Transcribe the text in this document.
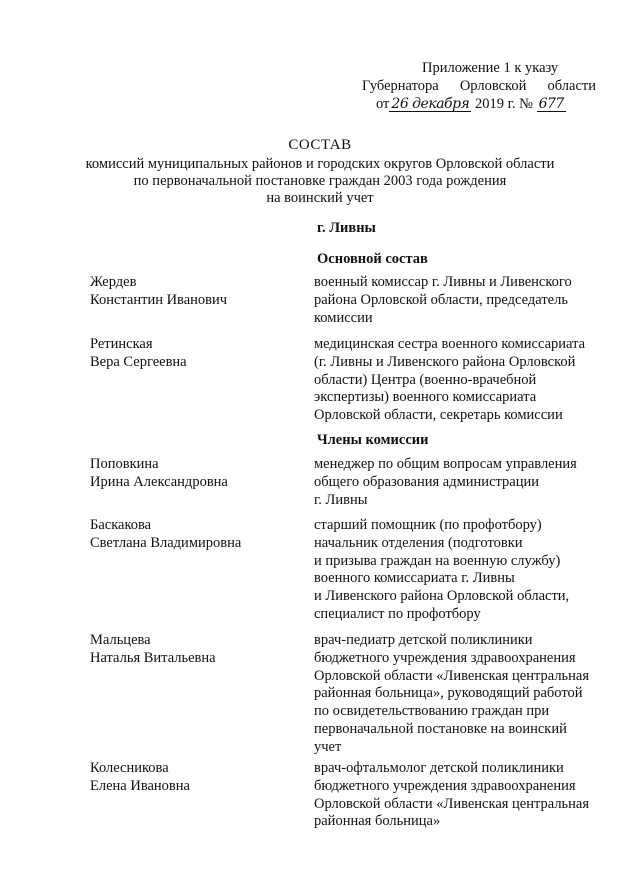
Приложение 1 к указу
Губернатора Орловской области
от 26 декабря 2019 г. № 677
СОСТАВ
комиссий муниципальных районов и городских округов Орловской области
по первоначальной постановке граждан 2003 года рождения
на воинский учет
г. Ливны
Основной состав
Жердев
Константин Иванович
военный комиссар г. Ливны и Ливенского
района Орловской области, председатель
комиссии
Ретинская
Вера Сергеевна
медицинская сестра военного комиссариата
(г. Ливны и Ливенского района Орловской
области) Центра (военно-врачебной
экспертизы) военного комиссариата
Орловской области, секретарь комиссии
Члены комиссии
Поповкина
Ирина Александровна
менеджер по общим вопросам управления
общего образования администрации
г. Ливны
Баскакова
Светлана Владимировна
старший помощник (по профотбору)
начальник отделения (подготовки
и призыва граждан на военную службу)
военного комиссариата г. Ливны
и Ливенского района Орловской области,
специалист по профотбору
Мальцева
Наталья Витальевна
врач-педиатр детской поликлиники
бюджетного учреждения здравоохранения
Орловской области «Ливенская центральная
районная больница», руководящий работой
по освидетельствованию граждан при
первоначальной постановке на воинский
учет
Колесникова
Елена Ивановна
врач-офтальмолог детской поликлиники
бюджетного учреждения здравоохранения
Орловской области «Ливенская центральная
районная больница»
